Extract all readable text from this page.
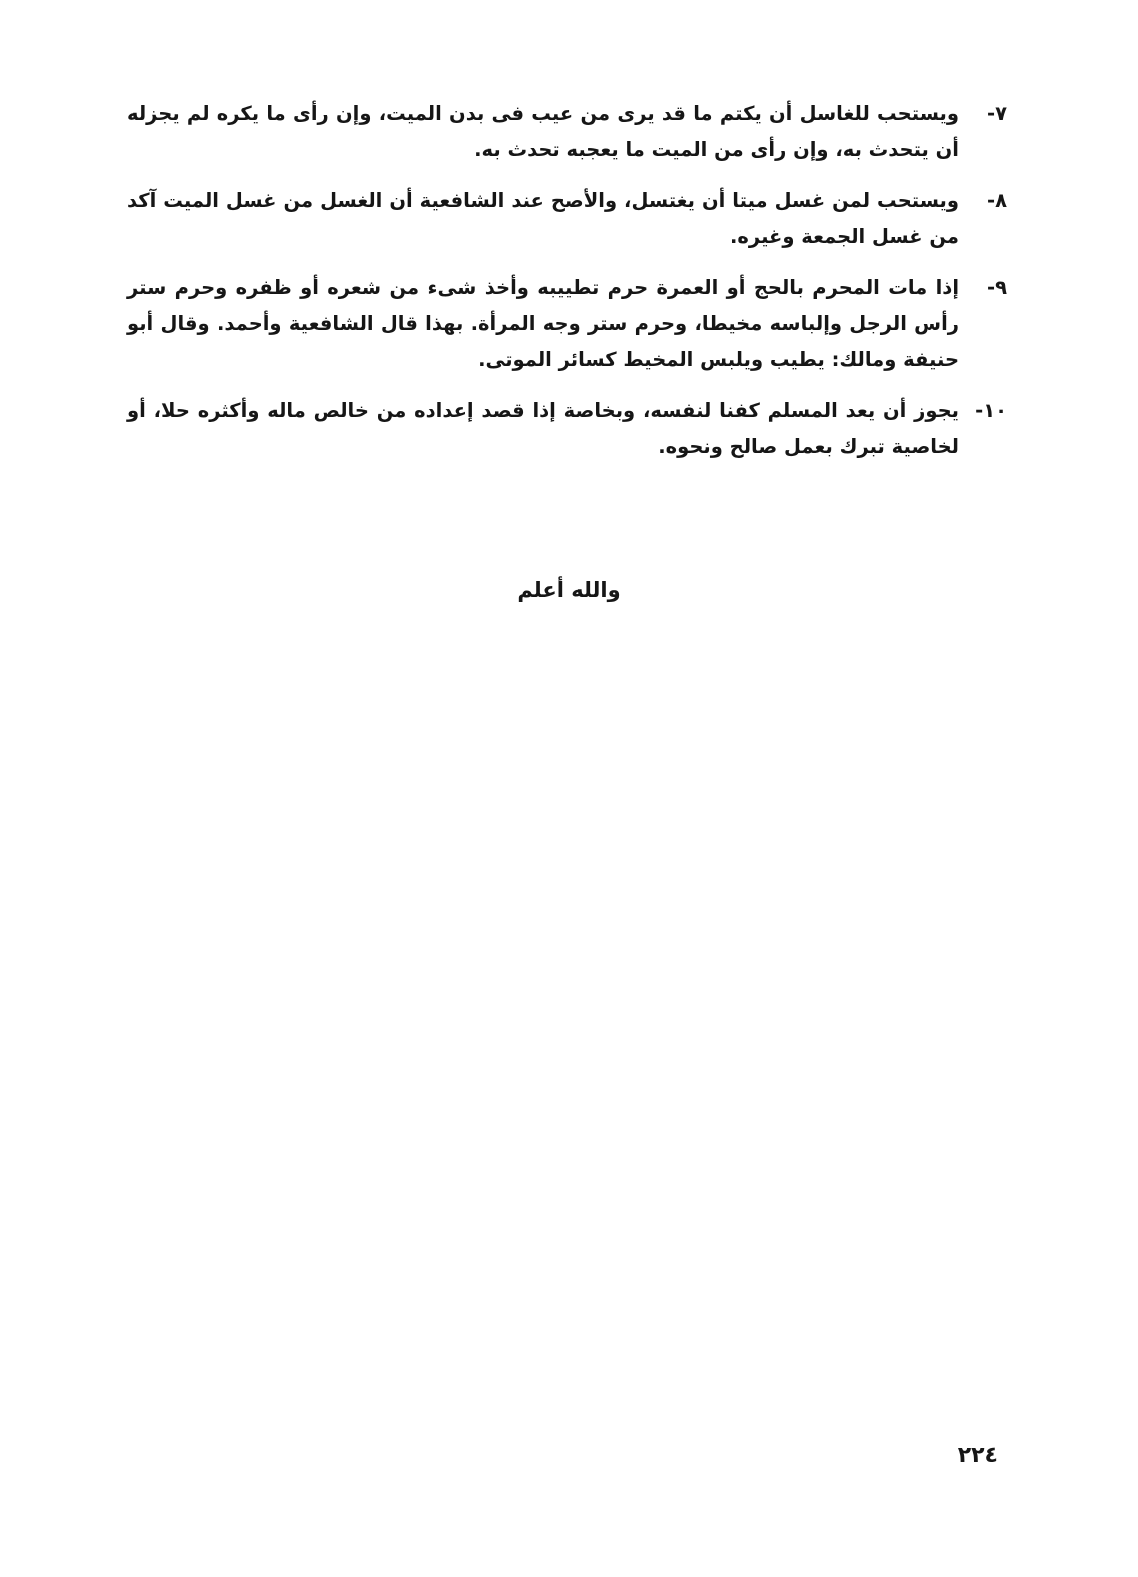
٧-

ويستحب للغاسل أن يكتم ما قد يرى من عيب فى بدن الميت، وإن رأى ما يكره لم يجزله أن يتحدث به، وإن رأى من الميت ما يعجبه تحدث به.

٨-

ويستحب لمن غسل ميتا أن يغتسل، والأصح عند الشافعية أن الغسل من غسل الميت آكد من غسل الجمعة وغيره.

٩-

إذا مات المحرم بالحج أو العمرة حرم تطييبه وأخذ شىء من شعره أو ظفره وحرم ستر رأس الرجل وإلباسه مخيطا، وحرم ستر وجه المرأة. بهذا قال الشافعية وأحمد. وقال أبو حنيفة ومالك: يطيب ويلبس المخيط كسائر الموتى.

١٠-

يجوز أن يعد المسلم كفنا لنفسه، وبخاصة إذا قصد إعداده من خالص ماله وأكثره حلا، أو لخاصية تبرك بعمل صالح ونحوه.

والله أعلم
٢٢٤
